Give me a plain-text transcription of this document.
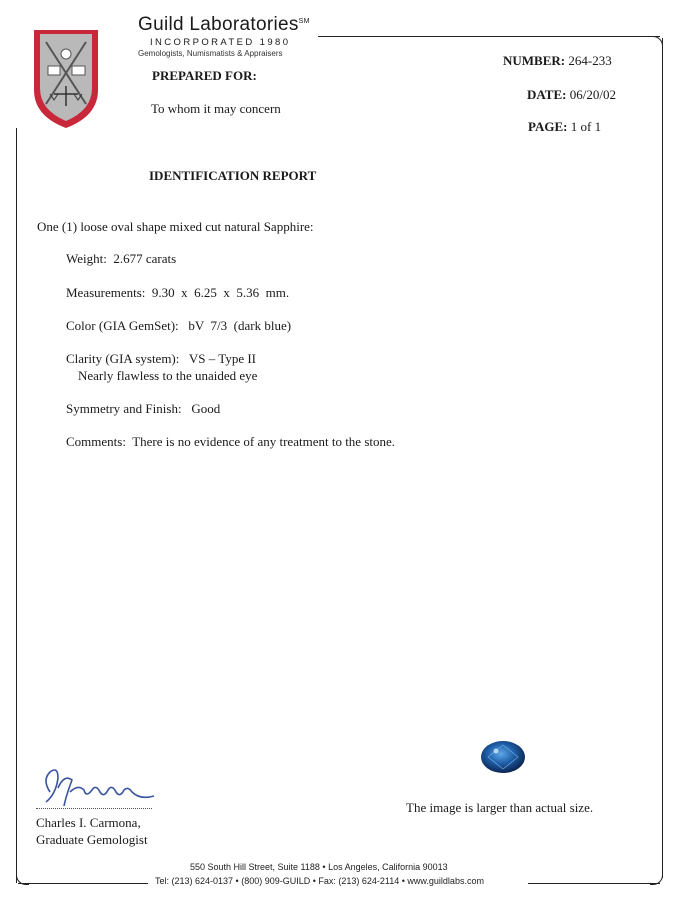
Guild Laboratories℠
INCORPORATED 1980
Gemologists, Numismatists & Appraisers	NUMBER: 264-233
DATE: 06/20/02
PAGE: 1 of 1
PREPARED FOR:
To whom it may concern
IDENTIFICATION REPORT
One (1) loose oval shape mixed cut natural Sapphire:
Weight: 2.677 carats
Measurements: 9.30  x  6.25  x  5.36  mm.
Color (GIA GemSet): bV  7/3  (dark blue)
Clarity (GIA system): VS – Type II
Nearly flawless to the unaided eye
Symmetry and Finish: Good
Comments: There is no evidence of any treatment to the stone.
The image is larger than actual size.
Charles I. Carmona,
Graduate Gemologist
550 South Hill Street, Suite 1188 • Los Angeles, California 90013
Tel: (213) 624-0137 • (800) 909-GUILD • Fax: (213) 624-2114 • www.guildlabs.com
